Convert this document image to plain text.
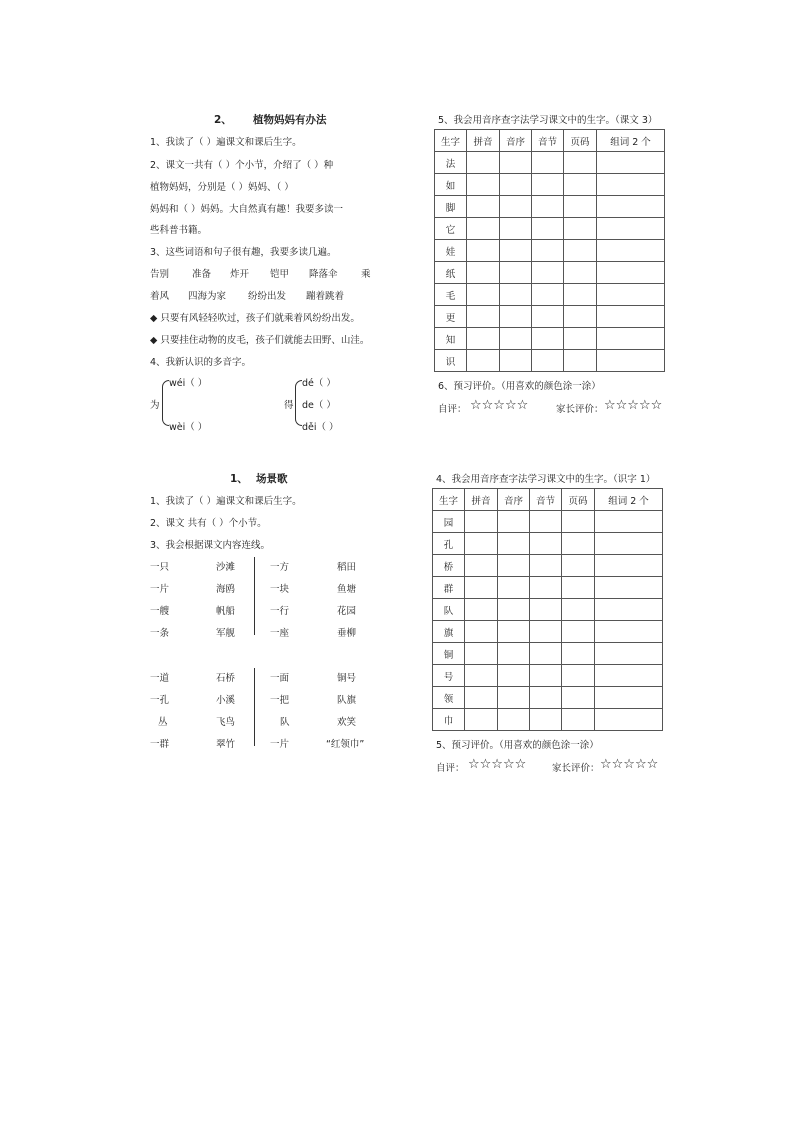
2、 植物妈妈有办法
1、我读了（ ）遍课文和课后生字。
2、课文一共有（ ）个小节，介绍了（ ）种
植物妈妈，分别是（ ）妈妈、（ ）
妈妈和（ ）妈妈。大自然真有趣！我要多读一
些科普书籍。
3、这些词语和句子很有趣，我要多读几遍。
告别 准备 炸开 铠甲 降落伞 乘
着风 四海为家 纷纷出发 蹦着跳着
◆ 只要有风轻轻吹过，孩子们就乘着风纷纷出发。
◆ 只要挂住动物的皮毛，孩子们就能去田野、山洼。
4、我新认识的多音字。
为
wéi（ ）
wèi（ ）
得
dé（ ）
de（ ）
děi（ ）
5、我会用音序查字法学习课文中的生字。（课文 3）
生字	拼音	音序	音节	页码	组词 2 个
法					
如					
脚					
它					
娃					
纸					
毛					
更					
知					
识					
6、预习评价。（用喜欢的颜色涂一涂）
自评： ☆☆☆☆☆	家长评价： ☆☆☆☆☆
1、 场景歌
1、我读了（ ）遍课文和课后生字。
2、课文 共有（ ）个小节。
3、我会根据课文内容连线。
一只	沙滩
一片	海鸥
一艘	帆船
一条	军舰
一方	稻田
一块	鱼塘
一行	花园
一座	垂柳
一道	石桥
一孔	小溪
丛	飞鸟
一群	翠竹
一面	铜号
一把	队旗
队	欢笑
一片	“红领巾”
4、我会用音序查字法学习课文中的生字。（识字 1）
生字	拼音	音序	音节	页码	组词 2 个
园					
孔					
桥					
群					
队					
旗					
铜					
号					
领					
巾					
5、预习评价。（用喜欢的颜色涂一涂）
自评： ☆☆☆☆☆	家长评价： ☆☆☆☆☆
